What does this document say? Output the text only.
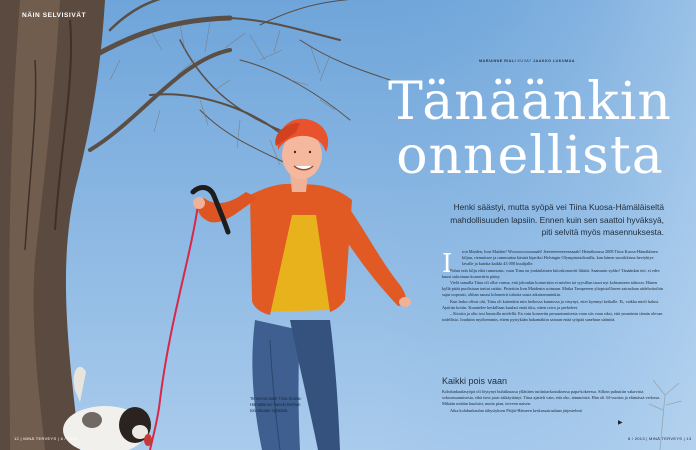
NÄIN SELVISIVÄT
MARIANNE RIALI KUVAT JAAKKO LUKUMAA
Tänäänkin
onnellista
Henki säästyi, mutta syöpä vei Tiina Kuosa-Hämäläiseltä mahdollisuuden lapsiin. Ennen kuin sen saattoi hyväksyä, piti selvitä myös masennuksesta.
I	ron Maiden, Iron Maiden! Woooooooooaaaah! Jeeeeeeeeeeeeeaaaah! Heinäkuussa 2008 Tiina Kuosa-Hämäläinen kiljuu, riemuitsee ja rummuttaa käsinä kipeiksi Helsingin Olympiastadionilla, kun hänen suosikkinsa heviyhtye lavalle ja kuinka kaikki 43 000 kuulijalle.
Puhui eräs kilju eikä rummutus, vaan Tiina on jonkinlainen kiitoskonsertti lähtöä. Saamarin sydän! Tänäänkin teit, ei edes kuusi uskottuun konserttiin pääsy.
Vielä samalla Tiina oli ollut varma, että johonkin konserttiin ei mielen tai syysillan tauot nyt kolmanteen tahtoon. Hänen kyllä pitää puolistaan tarttui rattiin. Pistettiin Iron Maidenin soimaan. Matka Tampereen yliopistolliseen sairaalaan sädehoitoihin sujui nopeasti, olihan sanasi kilometrit tuhotta uusia aikaisemminkin.
Kun lasku olivat ohi, Tiina oli kuitenkin niin heikossa kunnossa ja väsynyt, ettei kyennyt keikalle. Ei, vaikka mieli halusi. Ajattiin kotiin. Kuuntelee keskillaan kuulasi enää itku, sitten raivo ja perkeleet.
– Kiroiin ja olin tosi huonolla mielellä. En vain konsertin peruuntumisesta vaan siis vaan siksi, että ymmärsin tämän olevan todellista. Joudutin myöhemmin, ettem pystykään hakamäkiin sairaan enää syöpää saneluun sääntöä.
Kaikki pois vaan
Kohdunkaulasyöpä oli löytynyt huhtikuussa yllättäen rutiinitarkastuksessa papa-kokeessa. Silloin puhuttiin vakavista sokoonsaamisesta, eikä tieto jaari säikäyttänyt. Tiina ajatteli vain, että oho, tämmöistä. Hän oli 34-vuotias ja elämässä vedossa. Mikään mitään kuuluisi, mutta pian, terveen naisen.
Aika kohdunkaulan tähystyksen Päijät-Hämeen keskussairaalaan järjestelmä
Terveenä taas! Tiina Kuosa-Hämäläinen haneki Berban toivottuaan nykäistä.
▶
12 | MINÄ TERVEYS | 6 / 2013	6 / 2013 | MINÄ TERVEYS | 13
